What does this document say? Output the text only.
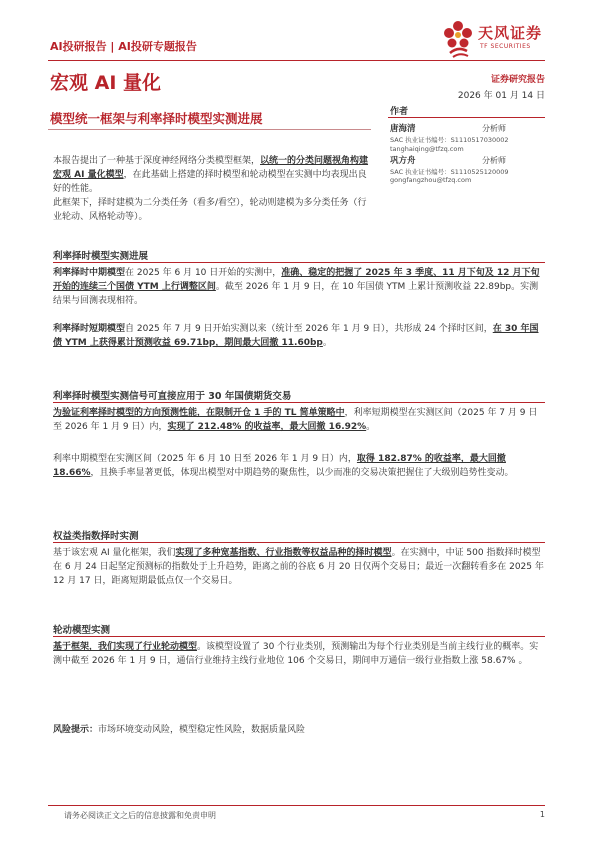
AI投研报告 | AI投研专题报告
天风证券
TF SECURITIES
宏观 AI 量化	证券研究报告
2026 年 01 月 14 日
模型统一框架与利率择时模型实测进展	作者
唐海清	分析师
SAC 执业证书编号：S1110517030002
tanghaiqing@tfzq.com
巩方舟	分析师
SAC 执业证书编号：S1110525120009
gongfangzhou@tfzq.com

本报告提出了一种基于深度神经网络分类模型框架，以统一的分类问题视角构建宏观 AI 量化模型，在此基础上搭建的择时模型和轮动模型在实测中均表现出良好的性能。

此框架下，择时建模为二分类任务（看多/看空），轮动则建模为多分类任务（行业轮动、风格轮动等）。

利率择时模型实测进展

利率择时中期模型在 2025 年 6 月 10 日开始的实测中，准确、稳定的把握了 2025 年 3 季度、11 月下旬及 12 月下旬开始的连续三个国债 YTM 上行调整区间。截至 2026 年 1 月 9 日，在 10 年国债 YTM 上累计预测收益 22.89bp。实测结果与回测表现相符。

利率择时短期模型自 2025 年 7 月 9 日开始实测以来（统计至 2026 年 1 月 9 日），共形成 24 个择时区间，在 30 年国债 YTM 上获得累计预测收益 69.71bp，期间最大回撤 11.60bp。

利率择时模型实测信号可直接应用于 30 年国债期货交易

为验证利率择时模型的方向预测性能，在限制开仓 1 手的 TL 简单策略中，利率短期模型在实测区间（2025 年 7 月 9 日至 2026 年 1 月 9 日）内，实现了 212.48% 的收益率，最大回撤 16.92%。

利率中期模型在实测区间（2025 年 6 月 10 日至 2026 年 1 月 9 日）内，取得 182.87% 的收益率，最大回撤 18.66%，且换手率显著更低，体现出模型对中期趋势的聚焦性，以少而准的交易决策把握住了大级别趋势性变动。

权益类指数择时实测

基于该宏观 AI 量化框架，我们实现了多种宽基指数、行业指数等权益品种的择时模型。在实测中，中证 500 指数择时模型在 6 月 24 日起坚定预测标的指数处于上升趋势，距离之前的谷底 6 月 20 日仅两个交易日；最近一次翻转看多在 2025 年 12 月 17 日，距离短期最低点仅一个交易日。

轮动模型实测

基于框架，我们实现了行业轮动模型。该模型设置了 30 个行业类别，预测输出为每个行业类别是当前主线行业的概率。实测中截至 2026 年 1 月 9 日，通信行业维持主线行业地位 106 个交易日，期间申万通信一级行业指数上涨 58.67% 。

风险提示：市场环境变动风险，模型稳定性风险，数据质量风险
请务必阅读正文之后的信息披露和免责申明	1
